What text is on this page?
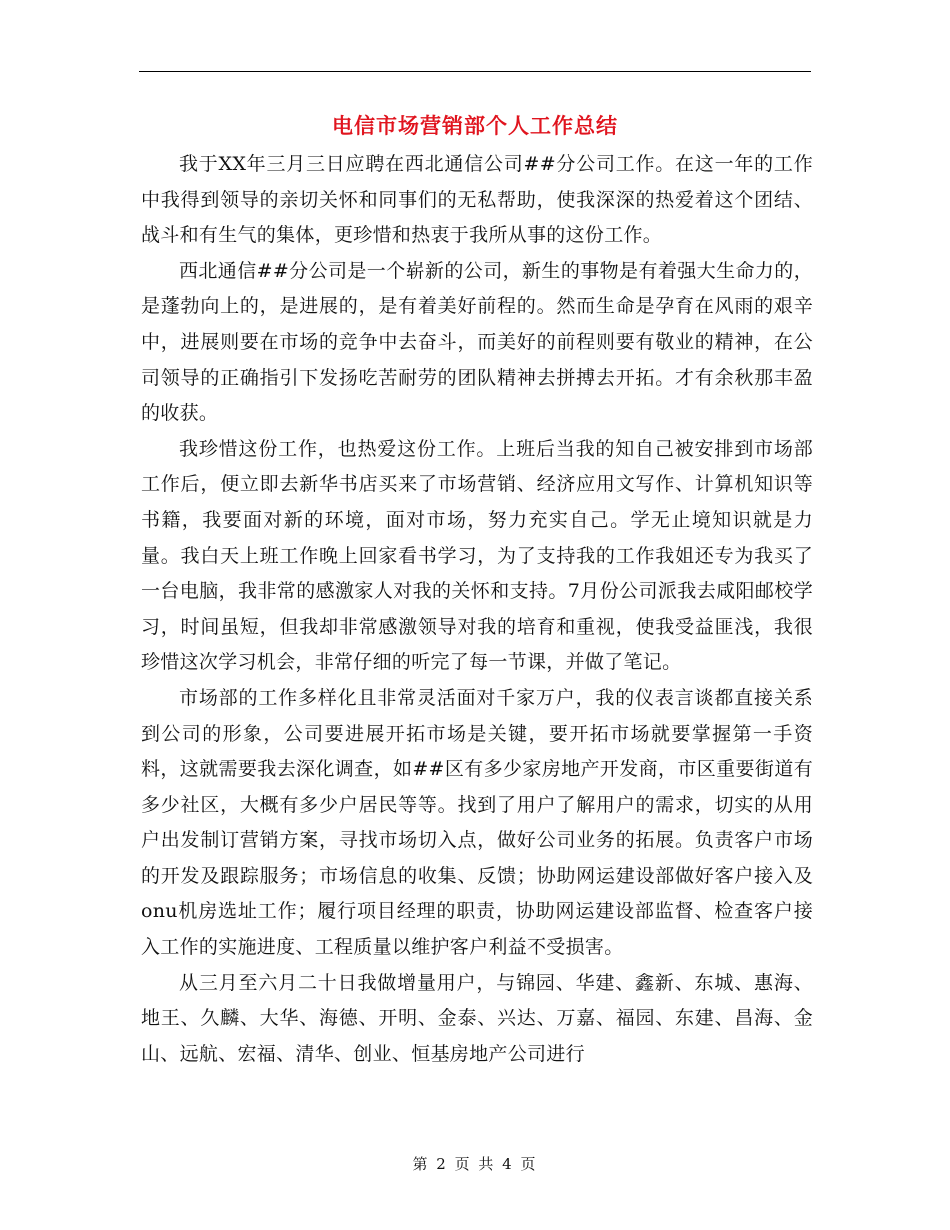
电信市场营销部个人工作总结

我于XX年三月三日应聘在西北通信公司##分公司工作。在这一年的工作中我得到领导的亲切关怀和同事们的无私帮助，使我深深的热爱着这个团结、战斗和有生气的集体，更珍惜和热衷于我所从事的这份工作。

西北通信##分公司是一个崭新的公司，新生的事物是有着强大生命力的，是蓬勃向上的，是进展的，是有着美好前程的。然而生命是孕育在风雨的艰辛中，进展则要在市场的竞争中去奋斗，而美好的前程则要有敬业的精神，在公司领导的正确指引下发扬吃苦耐劳的团队精神去拼搏去开拓。才有余秋那丰盈的收获。

我珍惜这份工作，也热爱这份工作。上班后当我的知自己被安排到市场部工作后，便立即去新华书店买来了市场营销、经济应用文写作、计算机知识等书籍，我要面对新的环境，面对市场，努力充实自己。学无止境知识就是力量。我白天上班工作晚上回家看书学习，为了支持我的工作我姐还专为我买了一台电脑，我非常的感激家人对我的关怀和支持。7月份公司派我去咸阳邮校学习，时间虽短，但我却非常感激领导对我的培育和重视，使我受益匪浅，我很珍惜这次学习机会，非常仔细的听完了每一节课，并做了笔记。

市场部的工作多样化且非常灵活面对千家万户，我的仪表言谈都直接关系到公司的形象，公司要进展开拓市场是关键，要开拓市场就要掌握第一手资料，这就需要我去深化调查，如##区有多少家房地产开发商，市区重要街道有多少社区，大概有多少户居民等等。找到了用户了解用户的需求，切实的从用户出发制订营销方案，寻找市场切入点，做好公司业务的拓展。负责客户市场的开发及跟踪服务；市场信息的收集、反馈；协助网运建设部做好客户接入及onu机房选址工作；履行项目经理的职责，协助网运建设部监督、检查客户接入工作的实施进度、工程质量以维护客户利益不受损害。

从三月至六月二十日我做增量用户，与锦园、华建、鑫新、东城、惠海、地王、久麟、大华、海德、开明、金泰、兴达、万嘉、福园、东建、昌海、金山、远航、宏福、清华、创业、恒基房地产公司进行

第 2 页 共 4 页
